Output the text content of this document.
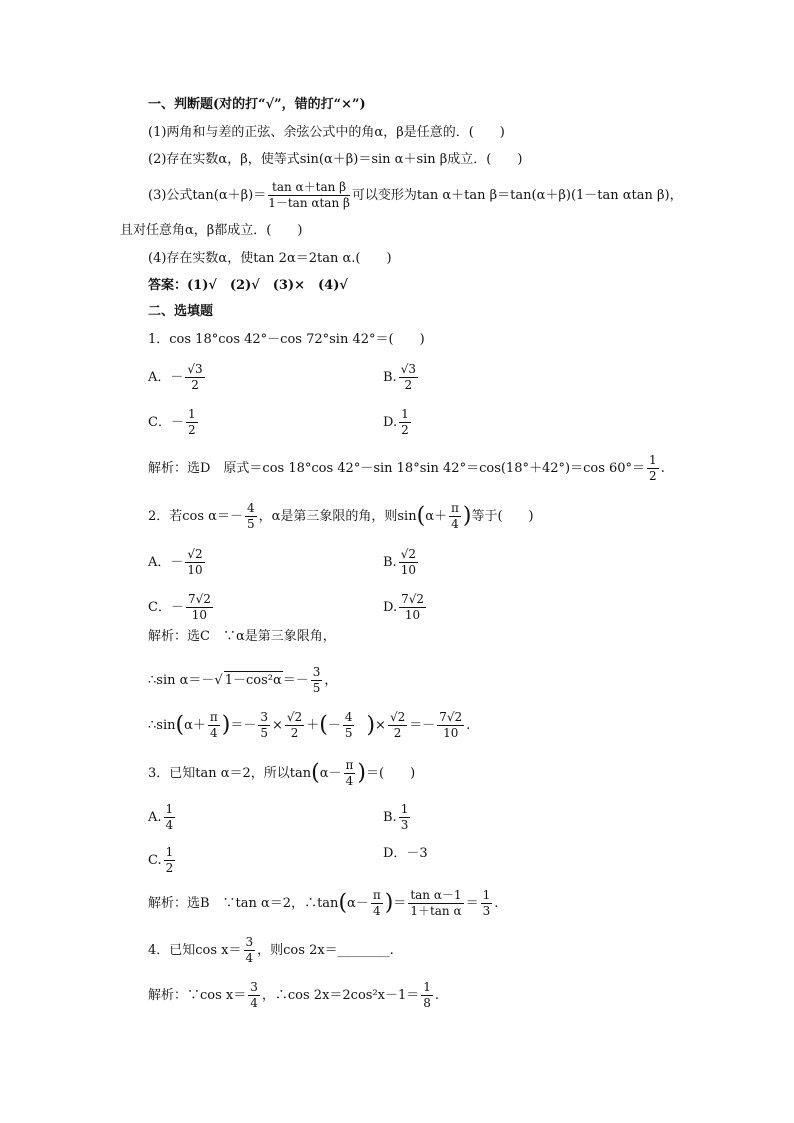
一、判断题(对的打“√”，错的打“×”)
(1)两角和与差的正弦、余弦公式中的角α，β是任意的．(　　)
(2)存在实数α，β，使等式sin(α＋β)＝sin α＋sin β成立．(　　)
(3)公式$\tan(\alpha+\beta)= \frac{\text{tan α＋tan β}}{\text{1－tan αtan β}}$ 可以变形为tan α＋tan β＝tan(α＋β)(1－tan αtan β)，
且对任意角α，β都成立．(　　)
(4)存在实数α，使tan 2α＝2tan α.(　　)
答案：(1)√　(2)√　(3)×　(4)√
二、选填题
1．cos 18°cos 42°－cos 72°sin 42°＝(　　)
A．－ $\frac{√3}{2}$	B. $\frac{√3}{2}$
C．－ $\frac{1}{2}$	D. $\frac{1}{2}$
解析：选D　原式＝cos 18°cos 42°－sin 18°sin 42°＝cos(18°＋42°)＝cos $60^\circ= \frac{1}{2}$ .
2．若$\cos \alpha=- \frac{4}{5}$ ，α是第三象限的角，则$\sin(\alpha+ \frac{\pi}{4}$ )等于(　　)
A．－ $\frac{√2}{10}$	B. $\frac{√2}{10}$
C．－ $\frac{7√2}{10}$	D. $\frac{7√2}{10}$
解析：选C　∵α是第三象限角，
∴sin α＝－√ $1-\cos^2\alpha=- \frac{3}{5}$ ，
∴sin(α＋ $\frac{\pi}{4}$ )＝－ $\frac{3}{5} \times \frac{√2}{2}$ ＋(－ $\frac{4}{5}$ )× $\frac{√2}{2} =- \frac{7√2}{10}$ .
3．已知tan α＝2，所以$\tan(\alpha- \frac{\pi}{4}$ )＝(　　)
A. $\frac{1}{4}$	B. $\frac{1}{3}$
C. $\frac{1}{2}$	D．－3
解析：选B　∵tan α＝2，∴tan(α－ $\frac{\pi}{4}$ )＝ $\frac{\text{tan α－1}}{\text{1＋tan α}} = \frac{1}{3}$ .
4．已知$\cos x= \frac{3}{4}$ ，则cos 2x＝________.
解析：∵cos $x= \frac{3}{4}$ ，∴cos $2x=2\cos^2x-1= \frac{1}{8}$ .
